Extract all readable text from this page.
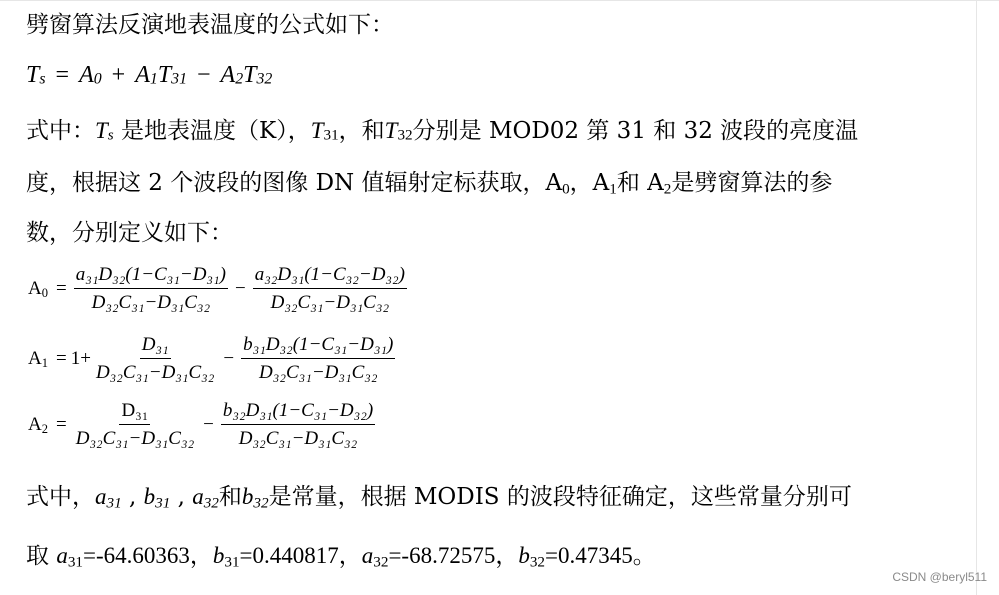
劈窗算法反演地表温度的公式如下：
Ts = A0 + A1T31 − A2T32
式中：Ts 是地表温度（K），T31，和T32分别是 MOD02 第 31 和 32 波段的亮度温
度，根据这 2 个波段的图像 DN 值辐射定标获取，$A_0$，$A_1$和 $A_2$是劈窗算法的参
数，分别定义如下：
$A_0 = \frac{\text{a₃₁D₃₂(1−C₃₁−D₃₁)}}{\text{D₃₂C₃₁−D₃₁C₃₂}} - \frac{\text{a₃₂D₃₁(1−C₃₂−D₃₂)}}{\text{D₃₂C₃₁−D₃₁C₃₂}}$
$A_1 = 1+ \frac{\text{D₃₁}}{\text{D₃₂C₃₁−D₃₁C₃₂}} - \frac{\text{b₃₁D₃₂(1−C₃₁−D₃₁)}}{\text{D₃₂C₃₁−D₃₁C₃₂}}$
$A_2 = \frac{\text{D₃₁}}{\text{D₃₂C₃₁−D₃₁C₃₂}} - \frac{\text{b₃₂D₃₁(1−C₃₁−D₃₂)}}{\text{D₃₂C₃₁−D₃₁C₃₂}}$
式中，$a_{31}$ , $b_{31}$ , $a_{32}$和$b_{32}$是常量，根据 MODIS 的波段特征确定，这些常量分别可
取 $a_{31}=-64.60363$，$b_{31}=0.440817$，$a_{32}=-68.72575$，$b_{32}=0.47345$。
CSDN @beryl511
